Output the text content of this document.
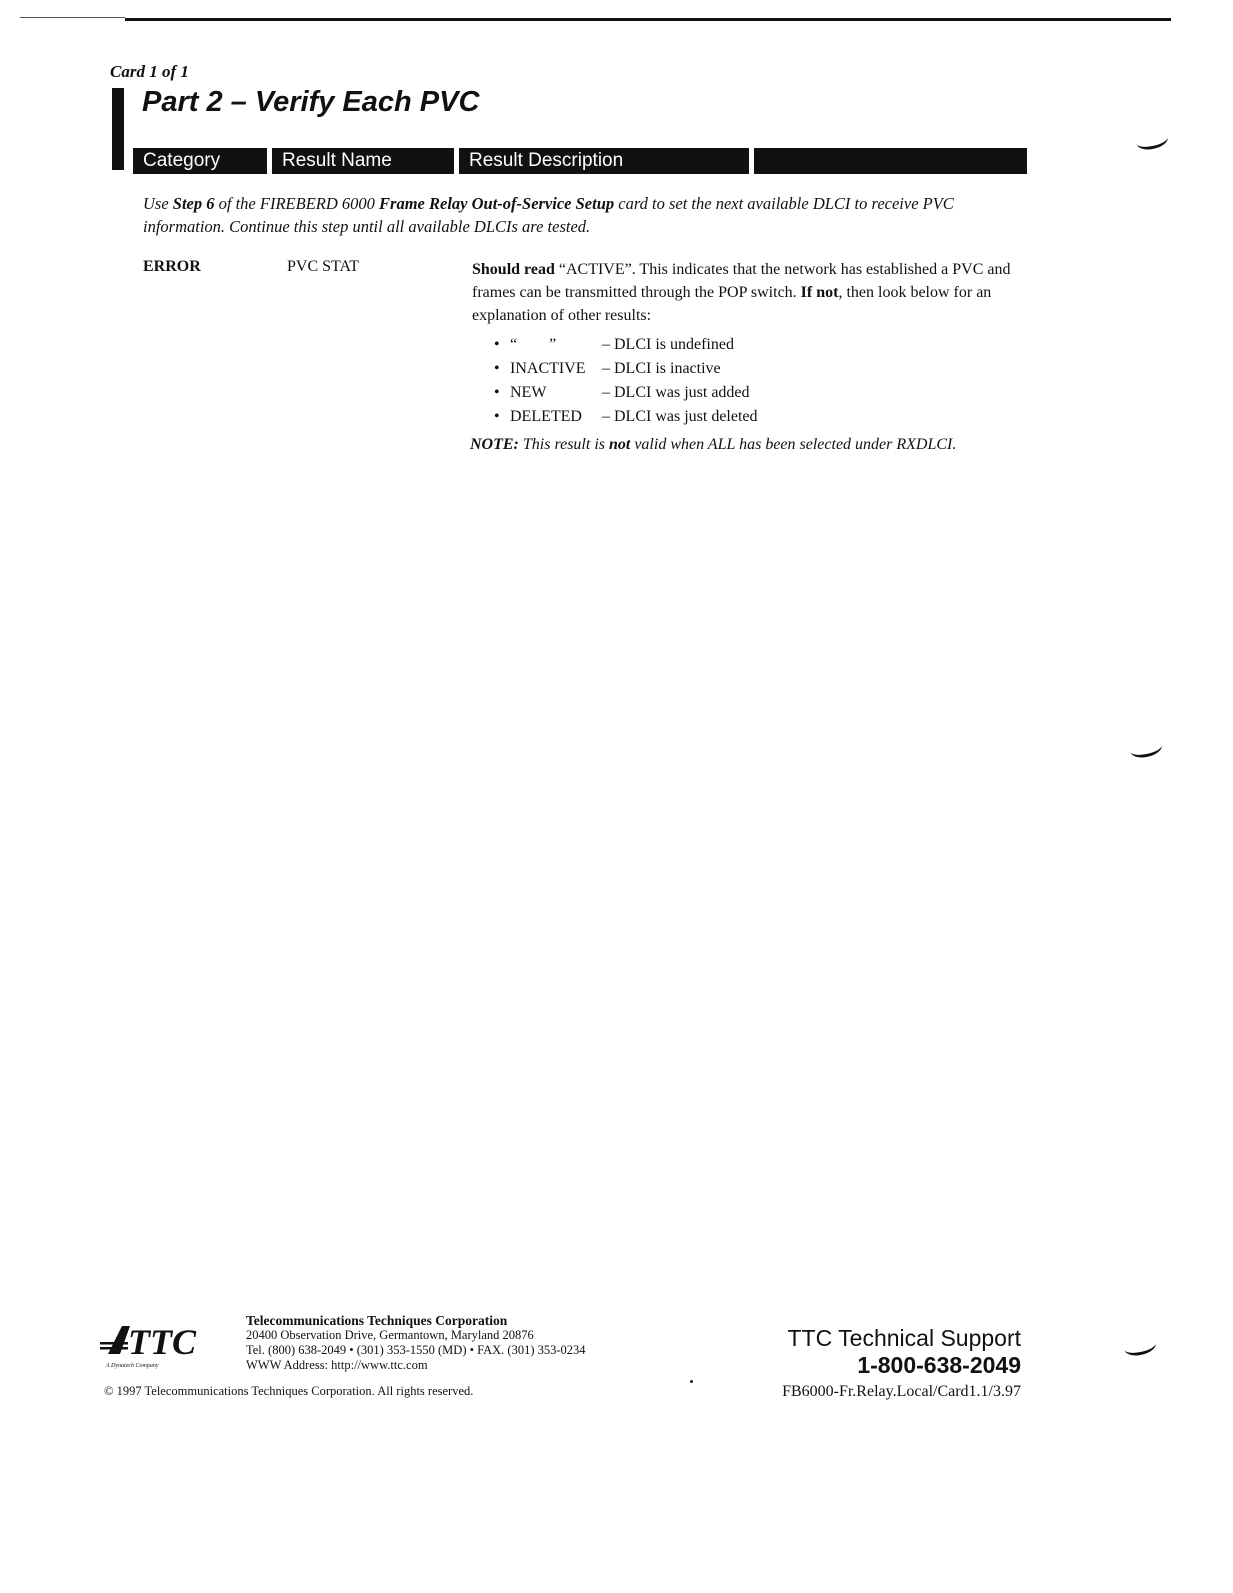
Card 1 of 1
Part 2 – Verify Each PVC
Category	Result Name	Result Description
Use Step 6 of the FIREBERD 6000 Frame Relay Out-of-Service Setup card to set the next available DLCI to receive PVC information. Continue this step until all available DLCIs are tested.
ERROR	PVC STAT	Should read “ACTIVE”. This indicates that the network has established a PVC and frames can be transmitted through the POP switch. If not, then look below for an explanation of other results:
• “        ”	– DLCI is undefined
• INACTIVE	– DLCI is inactive
• NEW	– DLCI was just added
• DELETED	– DLCI was just deleted
NOTE: This result is not valid when ALL has been selected under RXDLCI.
TTC
A Dynatech Company
Telecommunications Techniques Corporation
20400 Observation Drive, Germantown, Maryland 20876
Tel. (800) 638-2049 • (301) 353-1550 (MD) • FAX. (301) 353-0234
WWW Address: http://www.ttc.com
© 1997 Telecommunications Techniques Corporation. All rights reserved.
TTC Technical Support
1-800-638-2049
FB6000-Fr.Relay.Local/Card1.1/3.97
